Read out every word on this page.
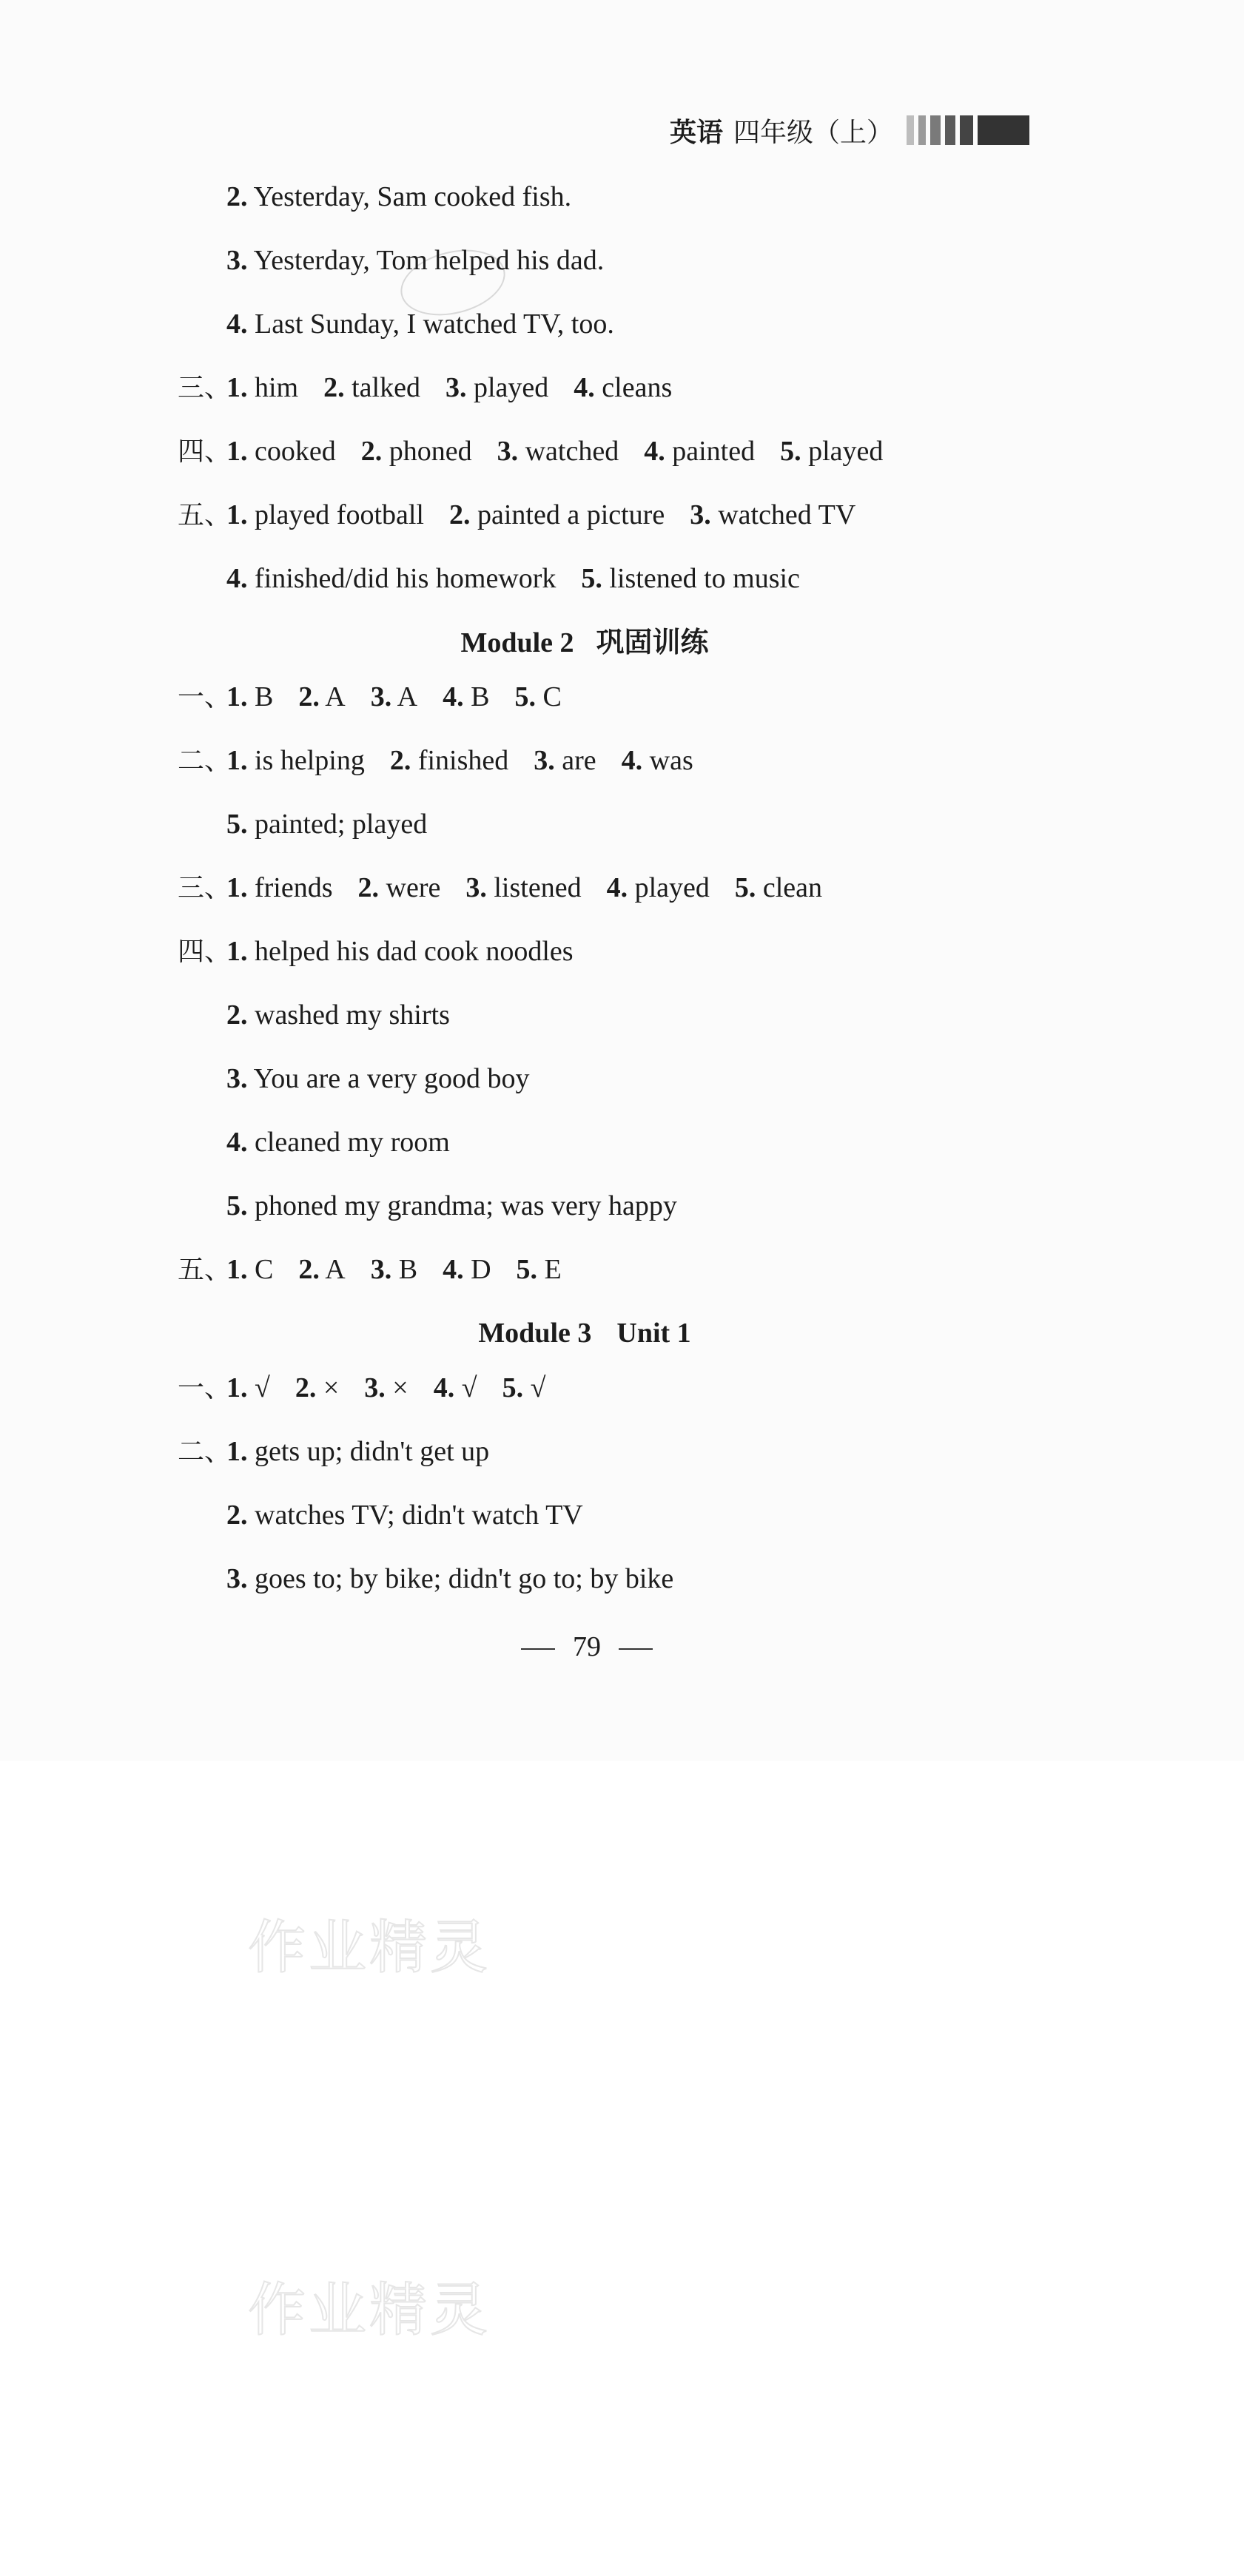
英语 四年级（上）
2. Yesterday, Sam cooked fish.
3. Yesterday, Tom helped his dad.
4. Last Sunday, I watched TV, too.
三、1. him 2. talked 3. played 4. cleans
四、1. cooked 2. phoned 3. watched 4. painted 5. played
五、1. played football 2. painted a picture 3. watched TV
4. finished/did his homework 5. listened to music
Module 2 巩固训练
一、1. B 2. A 3. A 4. B 5. C
二、1. is helping 2. finished 3. are 4. was
5. painted; played
三、1. friends 2. were 3. listened 4. played 5. clean
四、1. helped his dad cook noodles
2. washed my shirts
3. You are a very good boy
4. cleaned my room
5. phoned my grandma; was very happy
五、1. C 2. A 3. B 4. D 5. E
Module 3 Unit 1
一、1. √ 2. × 3. × 4. √ 5. √
二、1. gets up; didn't get up
2. watches TV; didn't watch TV
3. goes to; by bike; didn't go to; by bike
79
作业精灵
作业精灵
